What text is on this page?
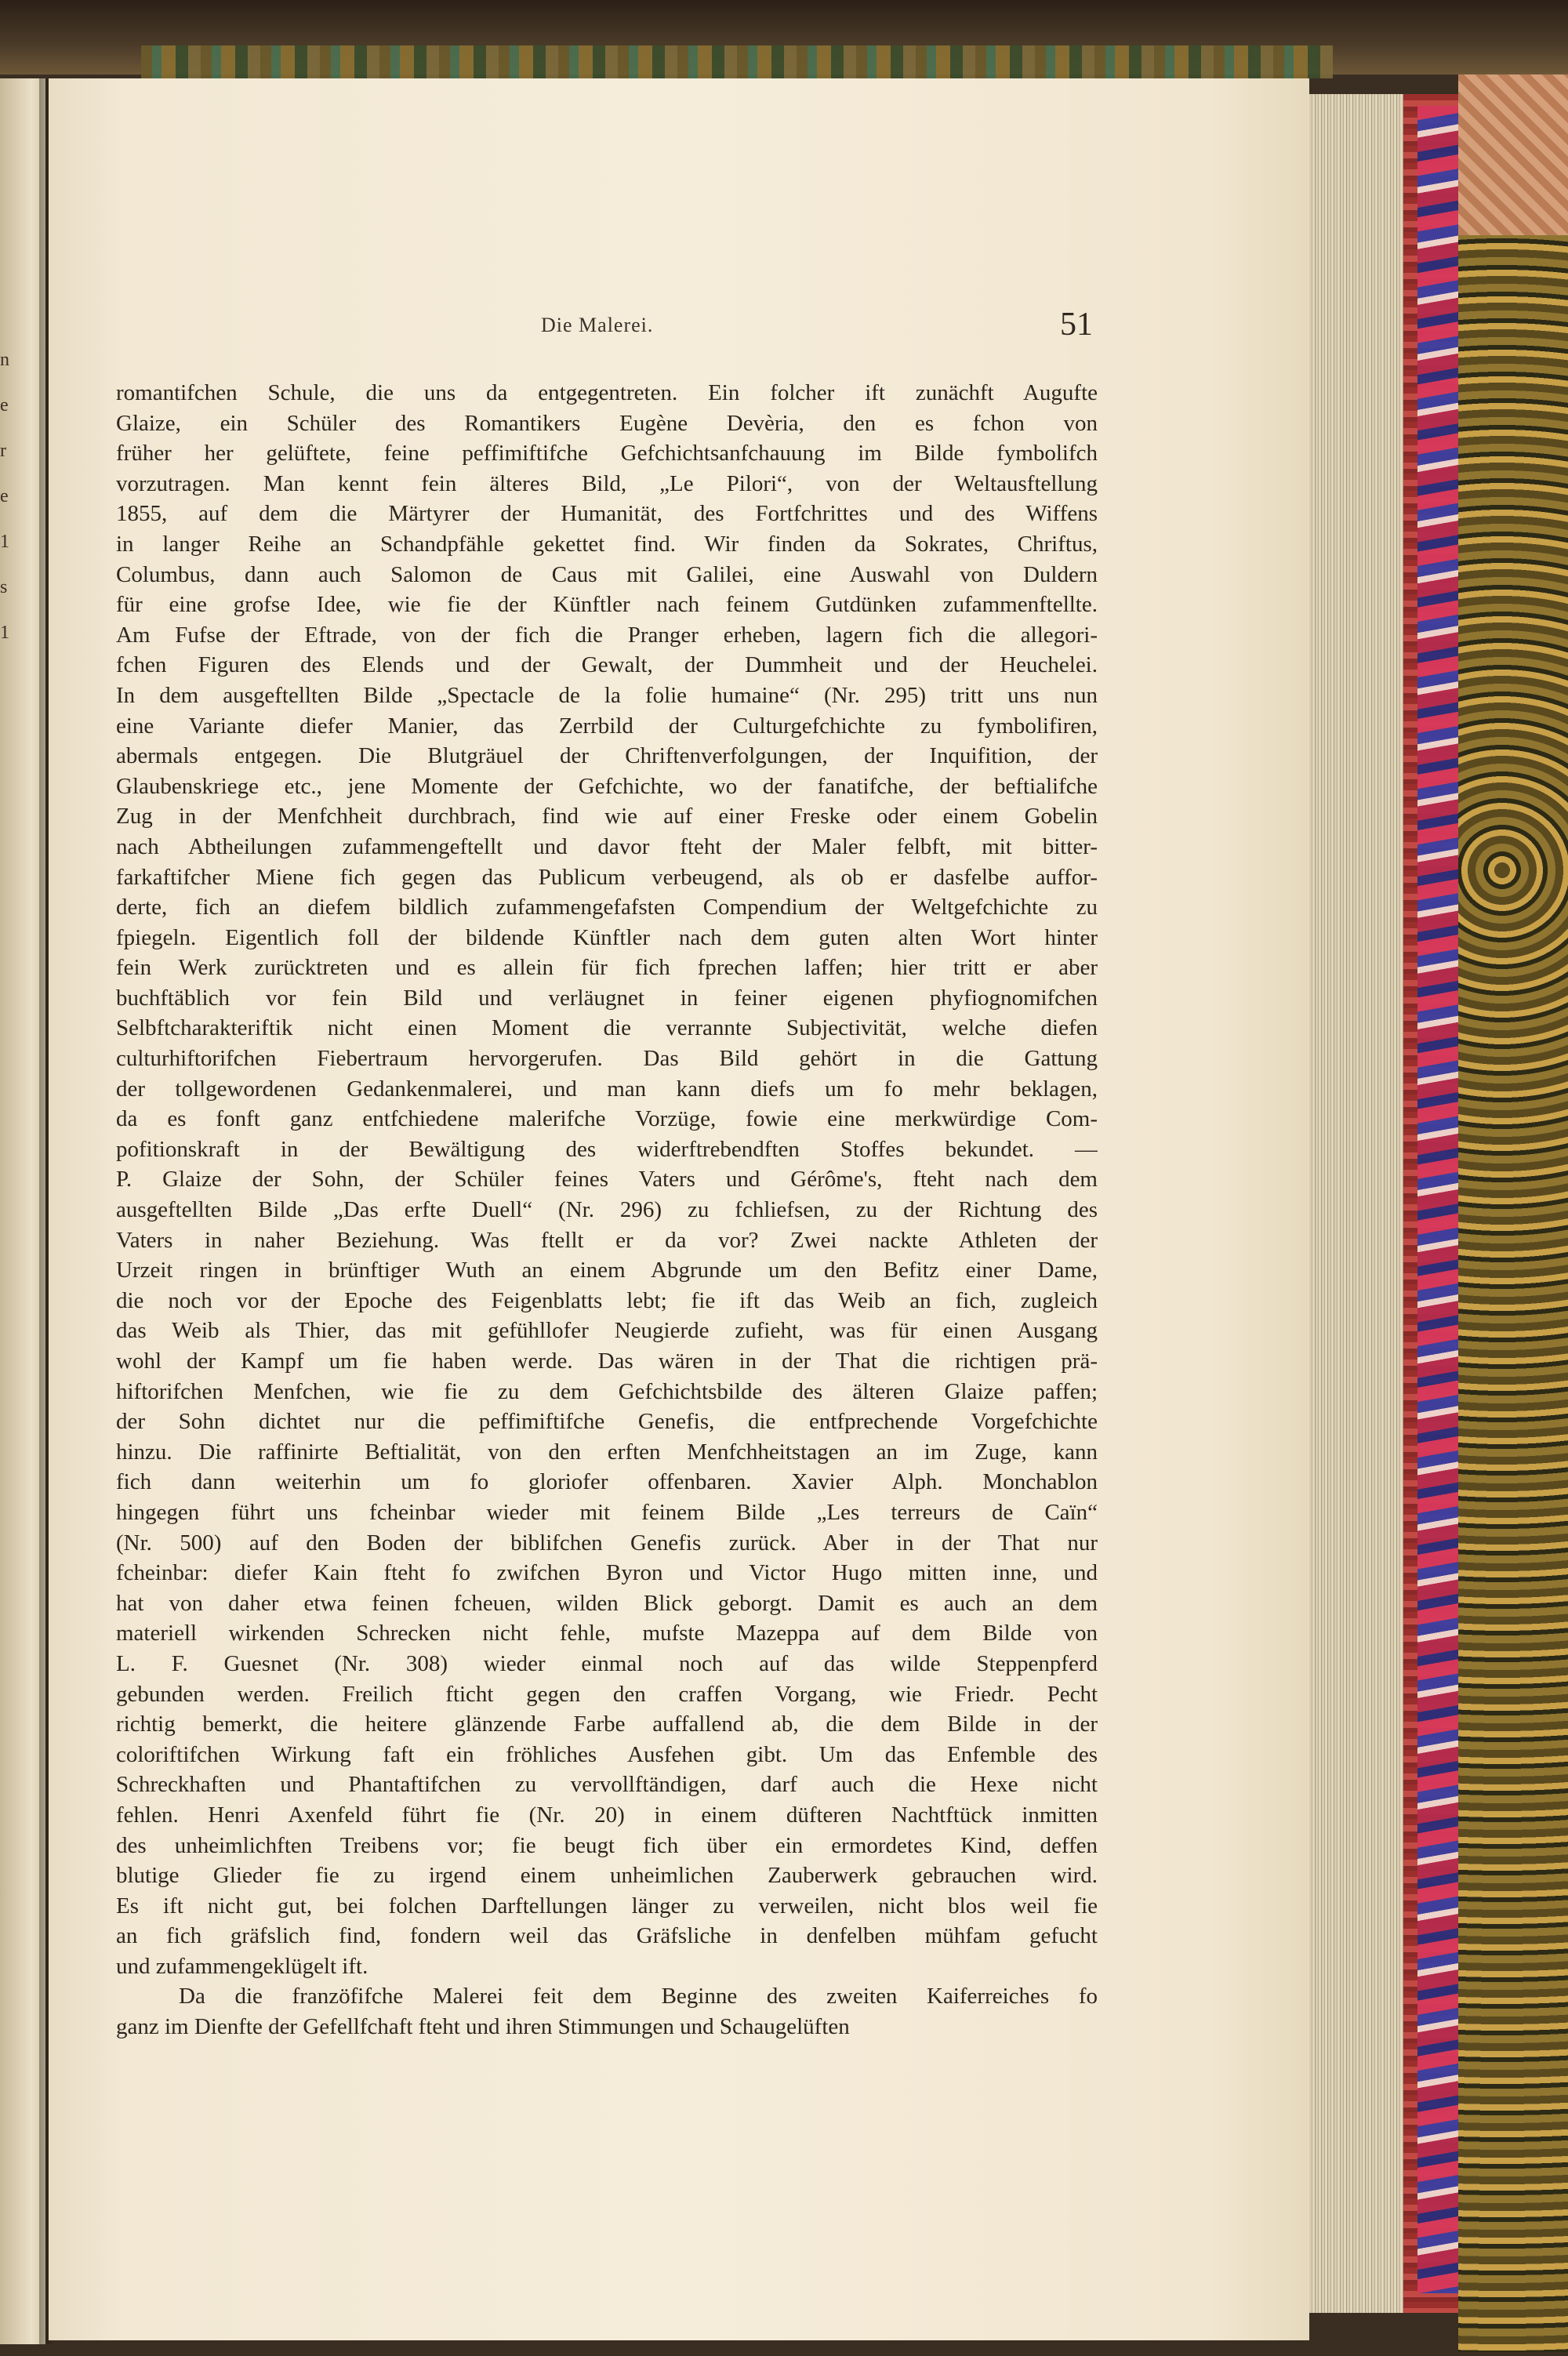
n
e
r
e
1
s
1
Die Malerei.	51
romantifchen Schule, die uns da entgegentreten. Ein folcher ift zunächft Augufte
Glaize, ein Schüler des Romantikers Eugène Devèria, den es fchon von
früher her gelüftete, feine peffimiftifche Gefchichtsanfchauung im Bilde fymbolifch
vorzutragen. Man kennt fein älteres Bild, „Le Pilori“, von der Weltausftellung
1855, auf dem die Märtyrer der Humanität, des Fortfchrittes und des Wiffens
in langer Reihe an Schandpfähle gekettet find. Wir finden da Sokrates, Chriftus,
Columbus, dann auch Salomon de Caus mit Galilei, eine Auswahl von Duldern
für eine grofse Idee, wie fie der Künftler nach feinem Gutdünken zufammenftellte.
Am Fufse der Eftrade, von der fich die Pranger erheben, lagern fich die allegori-
fchen Figuren des Elends und der Gewalt, der Dummheit und der Heuchelei.
In dem ausgeftellten Bilde „Spectacle de la folie humaine“ (Nr. 295) tritt uns nun
eine Variante diefer Manier, das Zerrbild der Culturgefchichte zu fymbolifiren,
abermals entgegen. Die Blutgräuel der Chriftenverfolgungen, der Inquifition, der
Glaubenskriege etc., jene Momente der Gefchichte, wo der fanatifche, der beftialifche
Zug in der Menfchheit durchbrach, find wie auf einer Freske oder einem Gobelin
nach Abtheilungen zufammengeftellt und davor fteht der Maler felbft, mit bitter-
farkaftifcher Miene fich gegen das Publicum verbeugend, als ob er dasfelbe auffor-
derte, fich an diefem bildlich zufammengefafsten Compendium der Weltgefchichte zu
fpiegeln. Eigentlich foll der bildende Künftler nach dem guten alten Wort hinter
fein Werk zurücktreten und es allein für fich fprechen laffen; hier tritt er aber
buchftäblich vor fein Bild und verläugnet in feiner eigenen phyfiognomifchen
Selbftcharakteriftik nicht einen Moment die verrannte Subjectivität, welche diefen
culturhiftorifchen Fiebertraum hervorgerufen. Das Bild gehört in die Gattung
der tollgewordenen Gedankenmalerei, und man kann diefs um fo mehr beklagen,
da es fonft ganz entfchiedene malerifche Vorzüge, fowie eine merkwürdige Com-
pofitionskraft in der Bewältigung des widerftrebendften Stoffes bekundet. —
P. Glaize der Sohn, der Schüler feines Vaters und Gérôme's, fteht nach dem
ausgeftellten Bilde „Das erfte Duell“ (Nr. 296) zu fchliefsen, zu der Richtung des
Vaters in naher Beziehung. Was ftellt er da vor? Zwei nackte Athleten der
Urzeit ringen in brünftiger Wuth an einem Abgrunde um den Befitz einer Dame,
die noch vor der Epoche des Feigenblatts lebt; fie ift das Weib an fich, zugleich
das Weib als Thier, das mit gefühllofer Neugierde zufieht, was für einen Ausgang
wohl der Kampf um fie haben werde. Das wären in der That die richtigen prä-
hiftorifchen Menfchen, wie fie zu dem Gefchichtsbilde des älteren Glaize paffen;
der Sohn dichtet nur die peffimiftifche Genefis, die entfprechende Vorgefchichte
hinzu. Die raffinirte Beftialität, von den erften Menfchheitstagen an im Zuge, kann
fich dann weiterhin um fo gloriofer offenbaren. Xavier Alph. Monchablon
hingegen führt uns fcheinbar wieder mit feinem Bilde „Les terreurs de Caïn“
(Nr. 500) auf den Boden der biblifchen Genefis zurück. Aber in der That nur
fcheinbar: diefer Kain fteht fo zwifchen Byron und Victor Hugo mitten inne, und
hat von daher etwa feinen fcheuen, wilden Blick geborgt. Damit es auch an dem
materiell wirkenden Schrecken nicht fehle, mufste Mazeppa auf dem Bilde von
L. F. Guesnet (Nr. 308) wieder einmal noch auf das wilde Steppenpferd
gebunden werden. Freilich fticht gegen den craffen Vorgang, wie Friedr. Pecht
richtig bemerkt, die heitere glänzende Farbe auffallend ab, die dem Bilde in der
coloriftifchen Wirkung faft ein fröhliches Ausfehen gibt. Um das Enfemble des
Schreckhaften und Phantaftifchen zu vervollftändigen, darf auch die Hexe nicht
fehlen. Henri Axenfeld führt fie (Nr. 20) in einem düfteren Nachtftück inmitten
des unheimlichften Treibens vor; fie beugt fich über ein ermordetes Kind, deffen
blutige Glieder fie zu irgend einem unheimlichen Zauberwerk gebrauchen wird.
Es ift nicht gut, bei folchen Darftellungen länger zu verweilen, nicht blos weil fie
an fich gräfslich find, fondern weil das Gräfsliche in denfelben mühfam gefucht
und zufammengeklügelt ift.
Da die franzöfifche Malerei feit dem Beginne des zweiten Kaiferreiches fo
ganz im Dienfte der Gefellfchaft fteht und ihren Stimmungen und Schaugelüften
